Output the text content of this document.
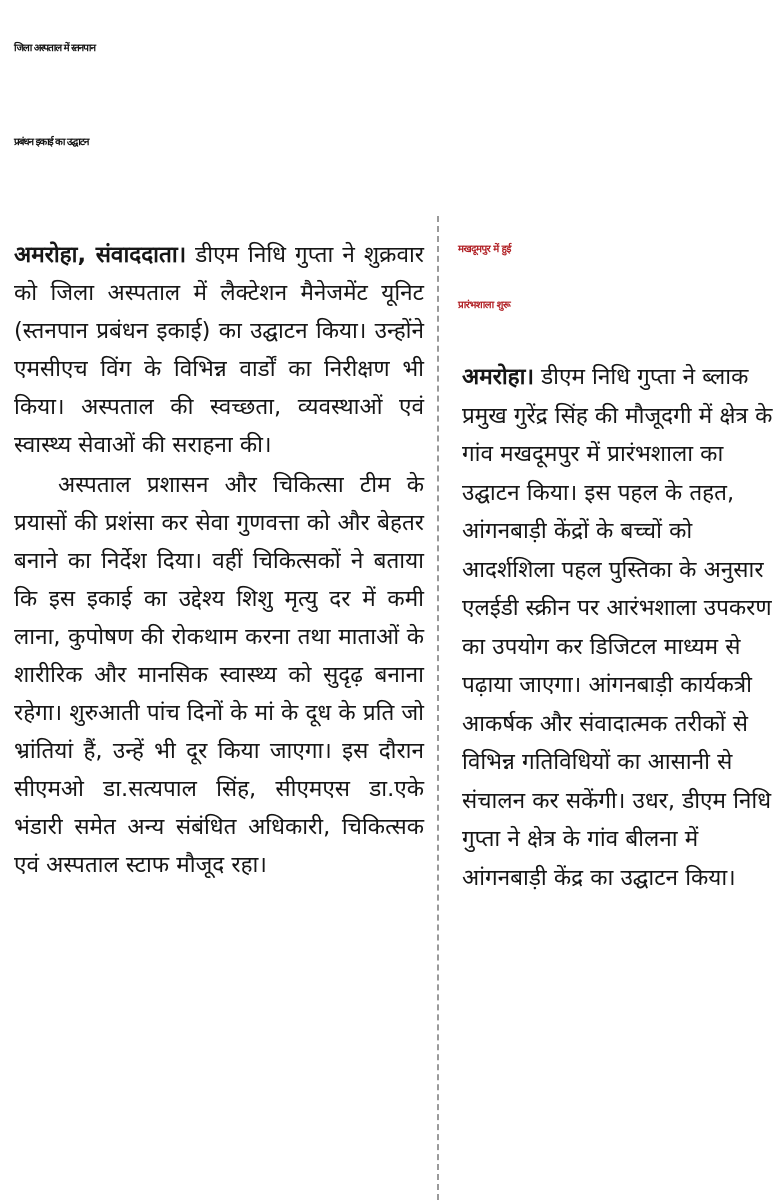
जिला अस्पताल में स्तनपान
प्रबंधन इकाई का उद्घाटन

अमरोहा, संवाददाता। डीएम निधि गुप्ता ने शुक्रवार को जिला अस्पताल में लैक्टेशन मैनेजमेंट यूनिट (स्तनपान प्रबंधन इकाई) का उद्घाटन किया। उन्होंने एमसीएच विंग के विभिन्न वार्डों का निरीक्षण भी किया। अस्पताल की स्वच्छता, व्यवस्थाओं एवं स्वास्थ्य सेवाओं की सराहना की।

अस्पताल प्रशासन और चिकित्सा टीम के प्रयासों की प्रशंसा कर सेवा गुणवत्ता को और बेहतर बनाने का निर्देश दिया। वहीं चिकित्सकों ने बताया कि इस इकाई का उद्देश्य शिशु मृत्यु दर में कमी लाना, कुपोषण की रोकथाम करना तथा माताओं के शारीरिक और मानसिक स्वास्थ्य को सुदृढ़ बनाना रहेगा। शुरुआती पांच दिनों के मां के दूध के प्रति जो भ्रांतियां हैं, उन्हें भी दूर किया जाएगा। इस दौरान सीएमओ डा.सत्यपाल सिंह, सीएमएस डा.एके भंडारी समेत अन्य संबंधित अधिकारी, चिकित्सक एवं अस्पताल स्टाफ मौजूद रहा।

मखदूमपुर में हुई
प्रारंभशाला शुरू
अमरोहा। डीएम निधि गुप्ता ने ब्लाक प्रमुख गुरेंद्र सिंह की मौजूदगी में क्षेत्र के गांव मखदूमपुर में प्रारंभशाला का उद्घाटन किया। इस पहल के तहत, आंगनबाड़ी केंद्रों के बच्चों को आदर्शशिला पहल पुस्तिका के अनुसार एलईडी स्क्रीन पर आरंभशाला उपकरण का उपयोग कर डिजिटल माध्यम से पढ़ाया जाएगा। आंगनबाड़ी कार्यकत्री आकर्षक और संवादात्मक तरीकों से विभिन्न गतिविधियों का आसानी से संचालन कर सकेंगी। उधर, डीएम निधि गुप्ता ने क्षेत्र के गांव बीलना में आंगनबाड़ी केंद्र का उद्घाटन किया।
